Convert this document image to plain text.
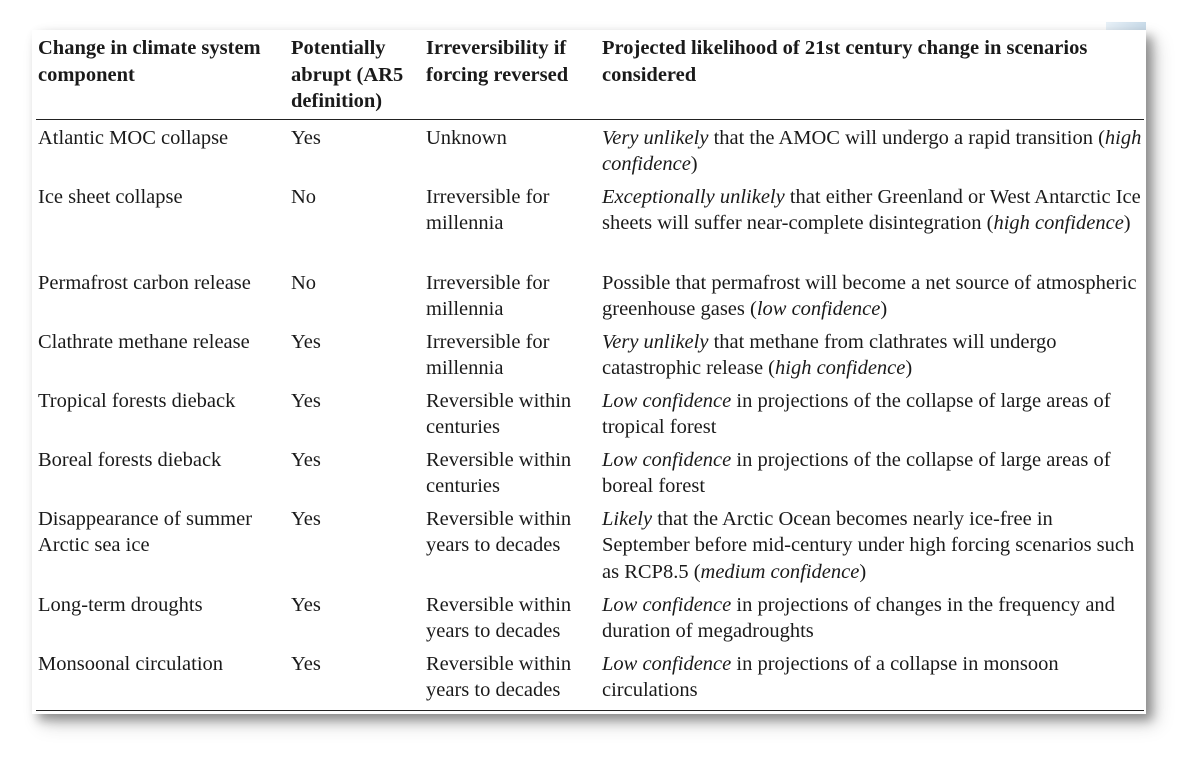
Change in climate system component	Potentially abrupt (AR5 definition)	Irreversibility if forcing reversed	Projected likelihood of 21st century change in scenarios considered
Atlantic MOC collapse	Yes	Unknown	Very unlikely that the AMOC will undergo a rapid transition (high confidence)
Ice sheet collapse	No	Irreversible for millennia	Exceptionally unlikely that either Greenland or West Antarctic Ice sheets will suffer near-complete disintegration (high confidence)
Permafrost carbon release	No	Irreversible for millennia	Possible that permafrost will become a net source of atmospheric greenhouse gases (low confidence)
Clathrate methane release	Yes	Irreversible for millennia	Very unlikely that methane from clathrates will undergo catastrophic release (high confidence)
Tropical forests dieback	Yes	Reversible within centuries	Low confidence in projections of the collapse of large areas of tropical forest
Boreal forests dieback	Yes	Reversible within centuries	Low confidence in projections of the collapse of large areas of boreal forest
Disappearance of summer Arctic sea ice	Yes	Reversible within years to decades	Likely that the Arctic Ocean becomes nearly ice-free in September before mid-century under high forcing scenarios such as RCP8.5 (medium confidence)
Long-term droughts	Yes	Reversible within years to decades	Low confidence in projections of changes in the frequency and duration of megadroughts
Monsoonal circulation	Yes	Reversible within years to decades	Low confidence in projections of a collapse in monsoon circulations
